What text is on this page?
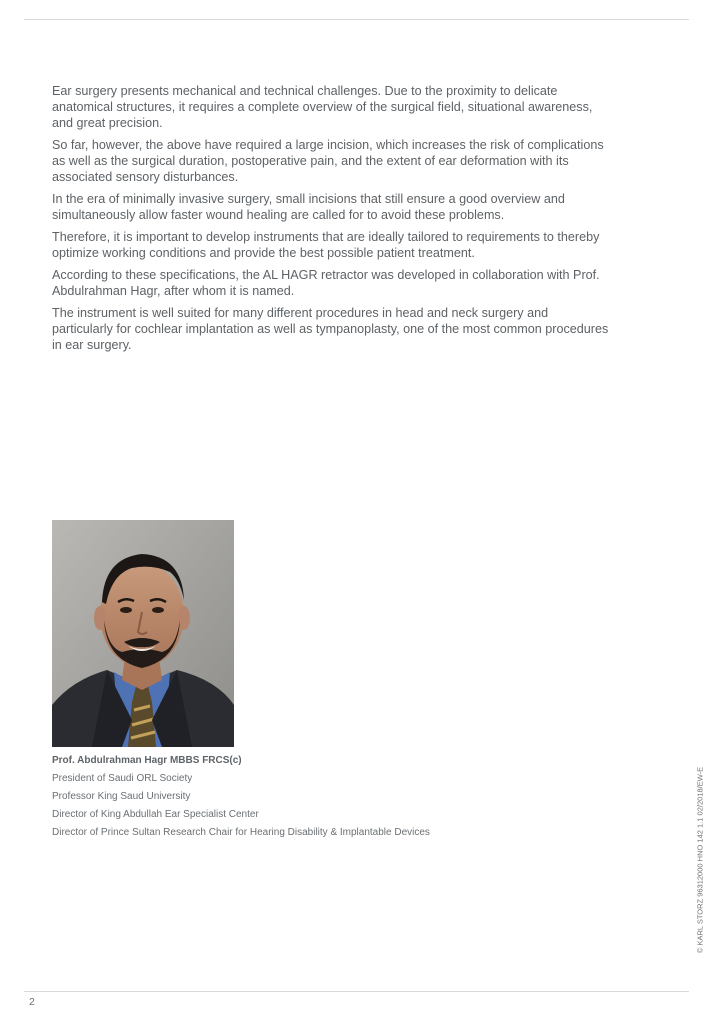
Ear surgery presents mechanical and technical challenges. Due to the proximity to delicate anatomical structures, it requires a complete overview of the surgical field, situational awareness, and great precision.

So far, however, the above have required a large incision, which increases the risk of complications as well as the surgical duration, postoperative pain, and the extent of ear deformation with its associated sensory disturbances.

In the era of minimally invasive surgery, small incisions that still ensure a good overview and simultaneously allow faster wound healing are called for to avoid these problems.

Therefore, it is important to develop instruments that are ideally tailored to requirements to thereby optimize working conditions and provide the best possible patient treatment.

According to these specifications, the AL HAGR retractor was developed in collaboration with Prof. Abdulrahman Hagr, after whom it is named.

The instrument is well suited for many different procedures in head and neck surgery and particularly for cochlear implantation as well as tympanoplasty, one of the most common procedures in ear surgery.

Prof. Abdulrahman Hagr MBBS FRCS(c)
President of Saudi ORL Society
Professor King Saud University
Director of King Abdullah Ear Specialist Center
Director of Prince Sultan Research Chair for Hearing Disability & Implantable Devices	© KARL STORZ 96312000 HNO 142 1.1 02/2018/EW-E
2
